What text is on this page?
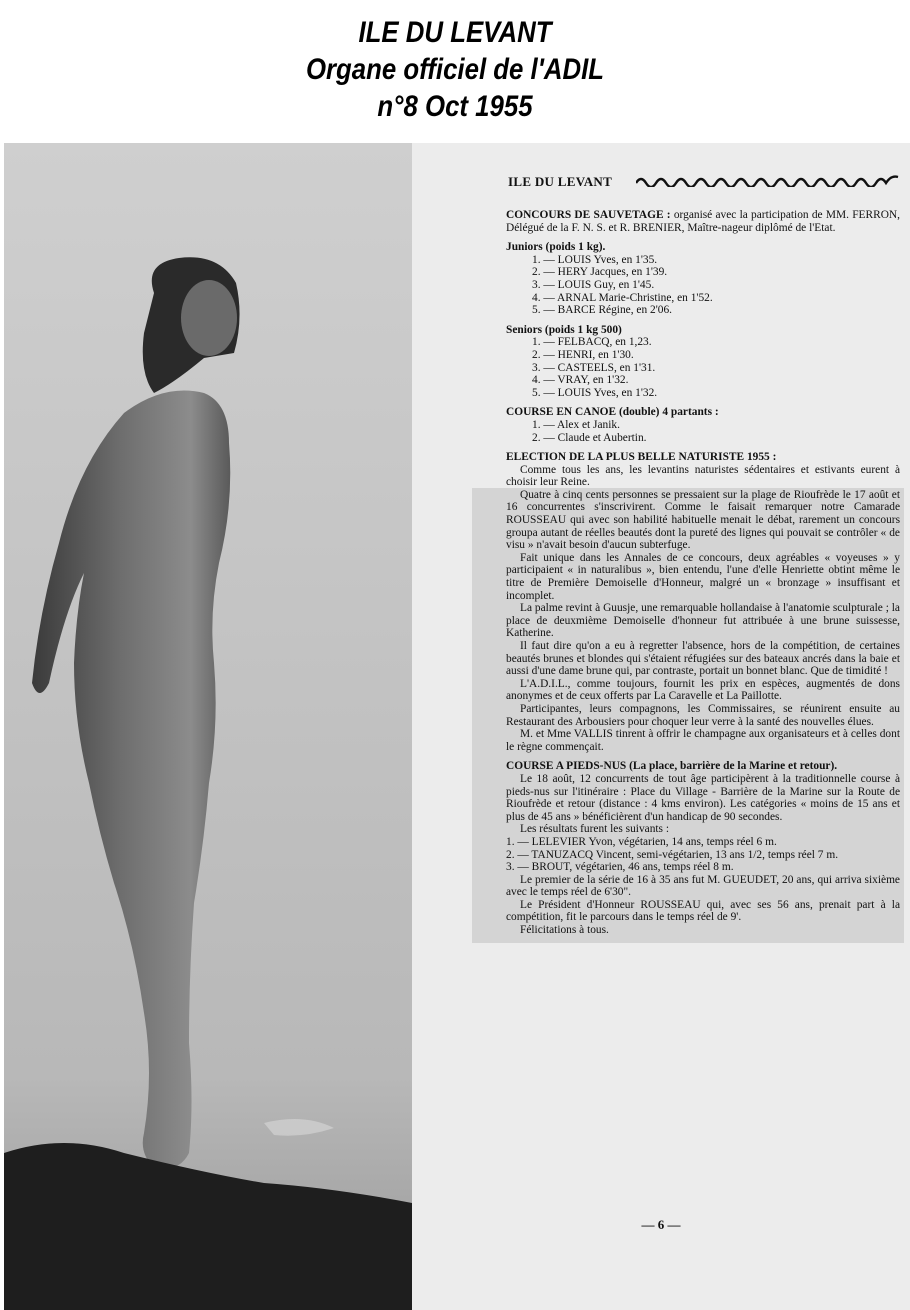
ILE DU LEVANT
Organe officiel de l'ADIL
n°8 Oct 1955
ILE DU LEVANT

CONCOURS DE SAUVETAGE : organisé avec la participation de MM. FERRON, Délégué de la F. N. S. et R. BRENIER, Maître-nageur diplômé de l'Etat.

Juniors (poids 1 kg).

1. — LOUIS Yves, en 1'35.

2. — HERY Jacques, en 1'39.

3. — LOUIS Guy, en 1'45.

4. — ARNAL Marie-Christine, en 1'52.

5. — BARCE Régine, en 2'06.

Seniors (poids 1 kg 500)

1. — FELBACQ, en 1,23.

2. — HENRI, en 1'30.

3. — CASTEELS, en 1'31.

4. — VRAY, en 1'32.

5. — LOUIS Yves, en 1'32.

COURSE EN CANOE (double) 4 partants :

1. — Alex et Janik.

2. — Claude et Aubertin.

ELECTION DE LA PLUS BELLE NATURISTE 1955 :

Comme tous les ans, les levantins naturistes sédentaires et estivants eurent à choisir leur Reine.

Quatre à cinq cents personnes se pressaient sur la plage de Rioufrède le 17 août et 16 concurrentes s'inscrivirent. Comme le faisait remarquer notre Camarade ROUSSEAU qui avec son habilité habituelle menait le débat, rarement un concours groupa autant de réelles beautés dont la pureté des lignes qui pouvait se contrôler « de visu » n'avait besoin d'aucun subterfuge.

Fait unique dans les Annales de ce concours, deux agréables « voyeuses » y participaient « in naturalibus », bien entendu, l'une d'elle Henriette obtint même le titre de Première Demoiselle d'Honneur, malgré un « bronzage » insuffisant et incomplet.

La palme revint à Guusje, une remarquable hollandaise à l'anatomie sculpturale ; la place de deuxmième Demoiselle d'honneur fut attribuée à une brune suissesse, Katherine.

Il faut dire qu'on a eu à regretter l'absence, hors de la compétition, de certaines beautés brunes et blondes qui s'étaient réfugiées sur des bateaux ancrés dans la baie et aussi d'une dame brune qui, par contraste, portait un bonnet blanc. Que de timidité !

L'A.D.I.L., comme toujours, fournit les prix en espèces, augmentés de dons anonymes et de ceux offerts par La Caravelle et La Paillotte.

Participantes, leurs compagnons, les Commissaires, se réunirent ensuite au Restaurant des Arbousiers pour choquer leur verre à la santé des nouvelles élues.

M. et Mme VALLIS tinrent à offrir le champagne aux organisateurs et à celles dont le règne commençait.

COURSE A PIEDS-NUS (La place, barrière de la Marine et retour).

Le 18 août, 12 concurrents de tout âge participèrent à la traditionnelle course à pieds-nus sur l'itinéraire : Place du Village - Barrière de la Marine sur la Route de Rioufrède et retour (distance : 4 kms environ). Les catégories « moins de 15 ans et plus de 45 ans » bénéficièrent d'un handicap de 90 secondes.

Les résultats furent les suivants :

1. — LELEVIER Yvon, végétarien, 14 ans, temps réel 6 m.

2. — TANUZACQ Vincent, semi-végétarien, 13 ans 1/2, temps réel 7 m.

3. — BROUT, végétarien, 46 ans, temps réel 8 m.

Le premier de la série de 16 à 35 ans fut M. GUEUDET, 20 ans, qui arriva sixième avec le temps réel de 6'30".

Le Président d'Honneur ROUSSEAU qui, avec ses 56 ans, prenait part à la compétition, fit le parcours dans le temps réel de 9'.

Félicitations à tous.

— 6 —
